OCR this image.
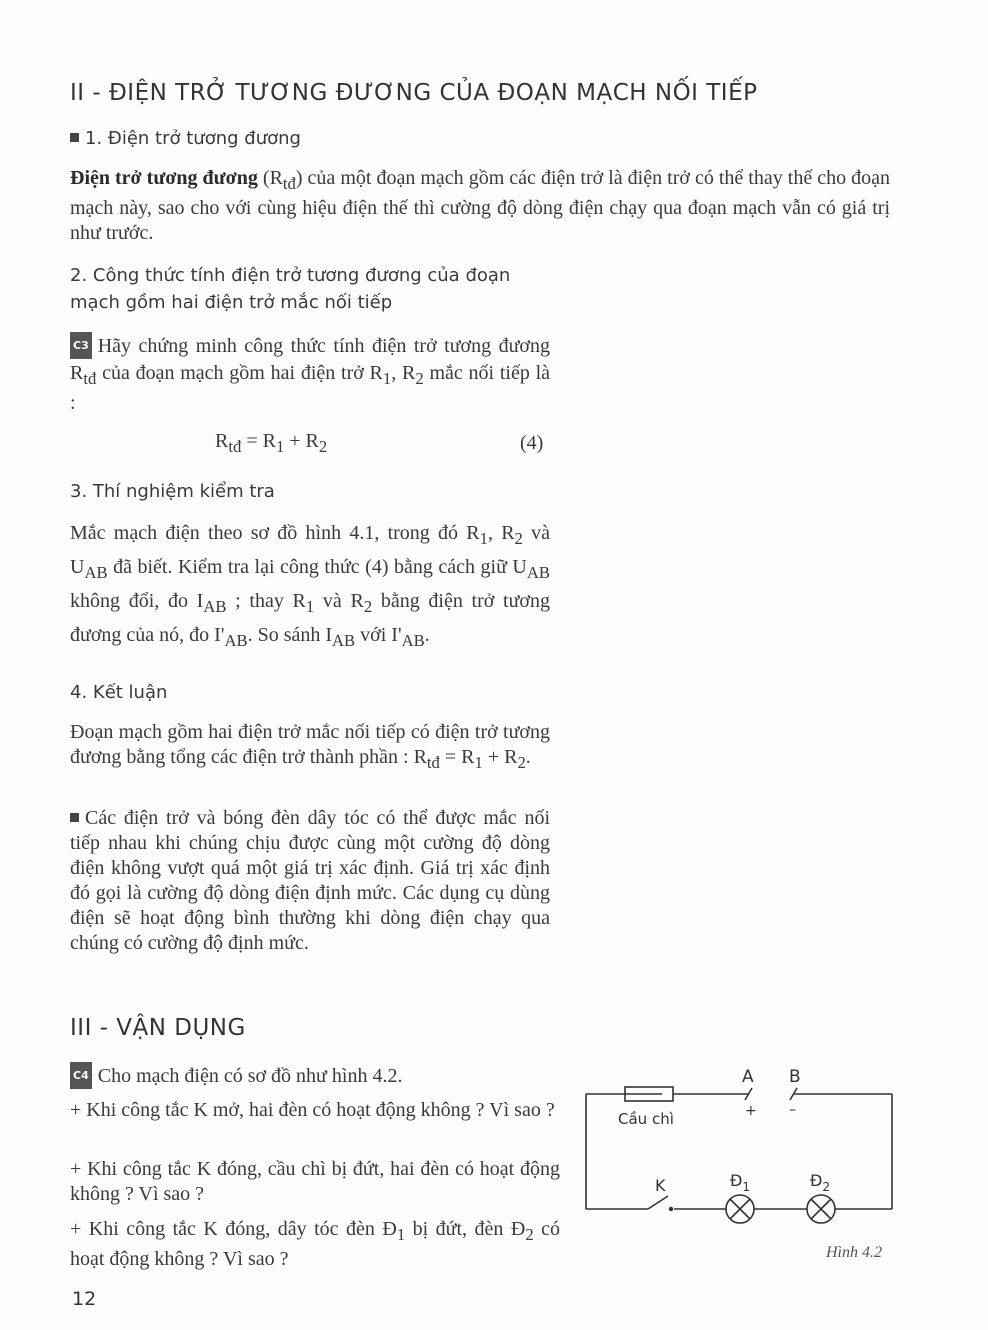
II - ĐIỆN TRỞ TƯƠNG ĐƯƠNG CỦA ĐOẠN MẠCH NỐI TIẾP
1. Điện trở tương đương
Điện trở tương đương $(R_{tđ})$ của một đoạn mạch gồm các điện trở là điện trở có thể thay thế cho đoạn mạch này, sao cho với cùng hiệu điện thế thì cường độ dòng điện chạy qua đoạn mạch vẫn có giá trị như trước.
2. Công thức tính điện trở tương đương của đoạn mạch gồm hai điện trở mắc nối tiếp
C3 Hãy chứng minh công thức tính điện trở tương đương $R_{tđ}$ của đoạn mạch gồm hai điện trở $R_1$, $R_2$ mắc nối tiếp là :
$R_{tđ} = R_1 + R_2$	(4)
3. Thí nghiệm kiểm tra
Mắc mạch điện theo sơ đồ hình 4.1, trong đó $R_1$, $R_2$ và $U_{AB}$ đã biết. Kiểm tra lại công thức (4) bằng cách giữ $U_{AB}$ không đổi, đo $I_{AB}$ ; thay $R_1$ và $R_2$ bằng điện trở tương đương của nó, đo $I'_{AB}$. So sánh $I_{AB}$ với $I'_{AB}$.
4. Kết luận
Đoạn mạch gồm hai điện trở mắc nối tiếp có điện trở tương đương bằng tổng các điện trở thành phần : $R_{tđ} = R_1 + R_2$.
Các điện trở và bóng đèn dây tóc có thể được mắc nối tiếp nhau khi chúng chịu được cùng một cường độ dòng điện không vượt quá một giá trị xác định. Giá trị xác định đó gọi là cường độ dòng điện định mức. Các dụng cụ dùng điện sẽ hoạt động bình thường khi dòng điện chạy qua chúng có cường độ định mức.
III - VẬN DỤNG
C4 Cho mạch điện có sơ đồ như hình 4.2.
+ Khi công tắc K mở, hai đèn có hoạt động không ? Vì sao ?
+ Khi công tắc K đóng, cầu chì bị đứt, hai đèn có hoạt động không ? Vì sao ?
+ Khi công tắc K đóng, dây tóc đèn $Đ_1$ bị đứt, đèn $Đ_2$ có hoạt động không ? Vì sao ?
A B
+ –
Cầu chì
K	$Đ_1$	$Đ_2$
Hình 4.2
12
